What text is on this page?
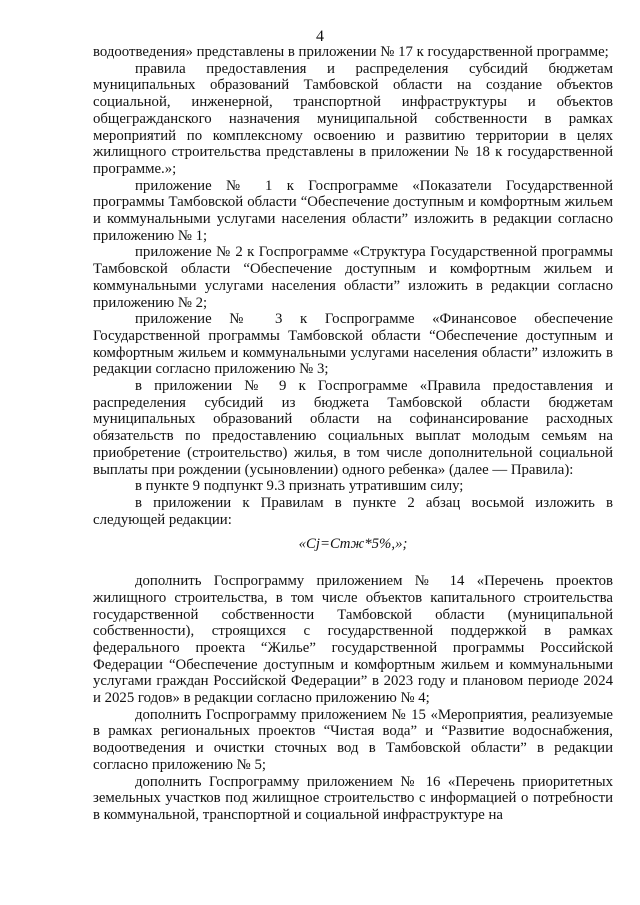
4

водоотведения» представлены в приложении № 17 к государственной программе;

правила предоставления и распределения субсидий бюджетам муниципальных образований Тамбовской области на создание объектов социальной, инженерной, транспортной инфраструктуры и объектов общегражданского назначения муниципальной собственности в рамках мероприятий по комплексному освоению и развитию территории в целях жилищного строительства представлены в приложении № 18 к государственной программе.»;

приложение № 1 к Госпрограмме «Показатели Государственной программы Тамбовской области “Обеспечение доступным и комфортным жильем и коммунальными услугами населения области” изложить в редакции согласно приложению № 1;

приложение № 2 к Госпрограмме «Структура Государственной программы Тамбовской области “Обеспечение доступным и комфортным жильем и коммунальными услугами населения области” изложить в редакции согласно приложению № 2;

приложение № 3 к Госпрограмме «Финансовое обеспечение Государственной программы Тамбовской области “Обеспечение доступным и комфортным жильем и коммунальными услугами населения области” изложить в редакции согласно приложению № 3;

в приложении № 9 к Госпрограмме «Правила предоставления и распределения субсидий из бюджета Тамбовской области бюджетам муниципальных образований области на софинансирование расходных обязательств по предоставлению социальных выплат молодым семьям на приобретение (строительство) жилья, в том числе дополнительной социальной выплаты при рождении (усыновлении) одного ребенка» (далее — Правила):

в пункте 9 подпункт 9.3 признать утратившим силу;

в приложении к Правилам в пункте 2 абзац восьмой изложить в следующей редакции:

«Cj=Cтж*5%,»;

дополнить Госпрограмму приложением № 14 «Перечень проектов жилищного строительства, в том числе объектов капитального строительства государственной собственности Тамбовской области (муниципальной собственности), строящихся с государственной поддержкой в рамках федерального проекта “Жилье” государственной программы Российской Федерации “Обеспечение доступным и комфортным жильем и коммунальными услугами граждан Российской Федерации” в 2023 году и плановом периоде 2024 и 2025 годов» в редакции согласно приложению № 4;

дополнить Госпрограмму приложением № 15 «Мероприятия, реализуемые в рамках региональных проектов “Чистая вода” и “Развитие водоснабжения, водоотведения и очистки сточных вод в Тамбовской области” в редакции согласно приложению № 5;

дополнить Госпрограмму приложением № 16 «Перечень приоритетных земельных участков под жилищное строительство с информацией о потребности в коммунальной, транспортной и социальной инфраструктуре на
